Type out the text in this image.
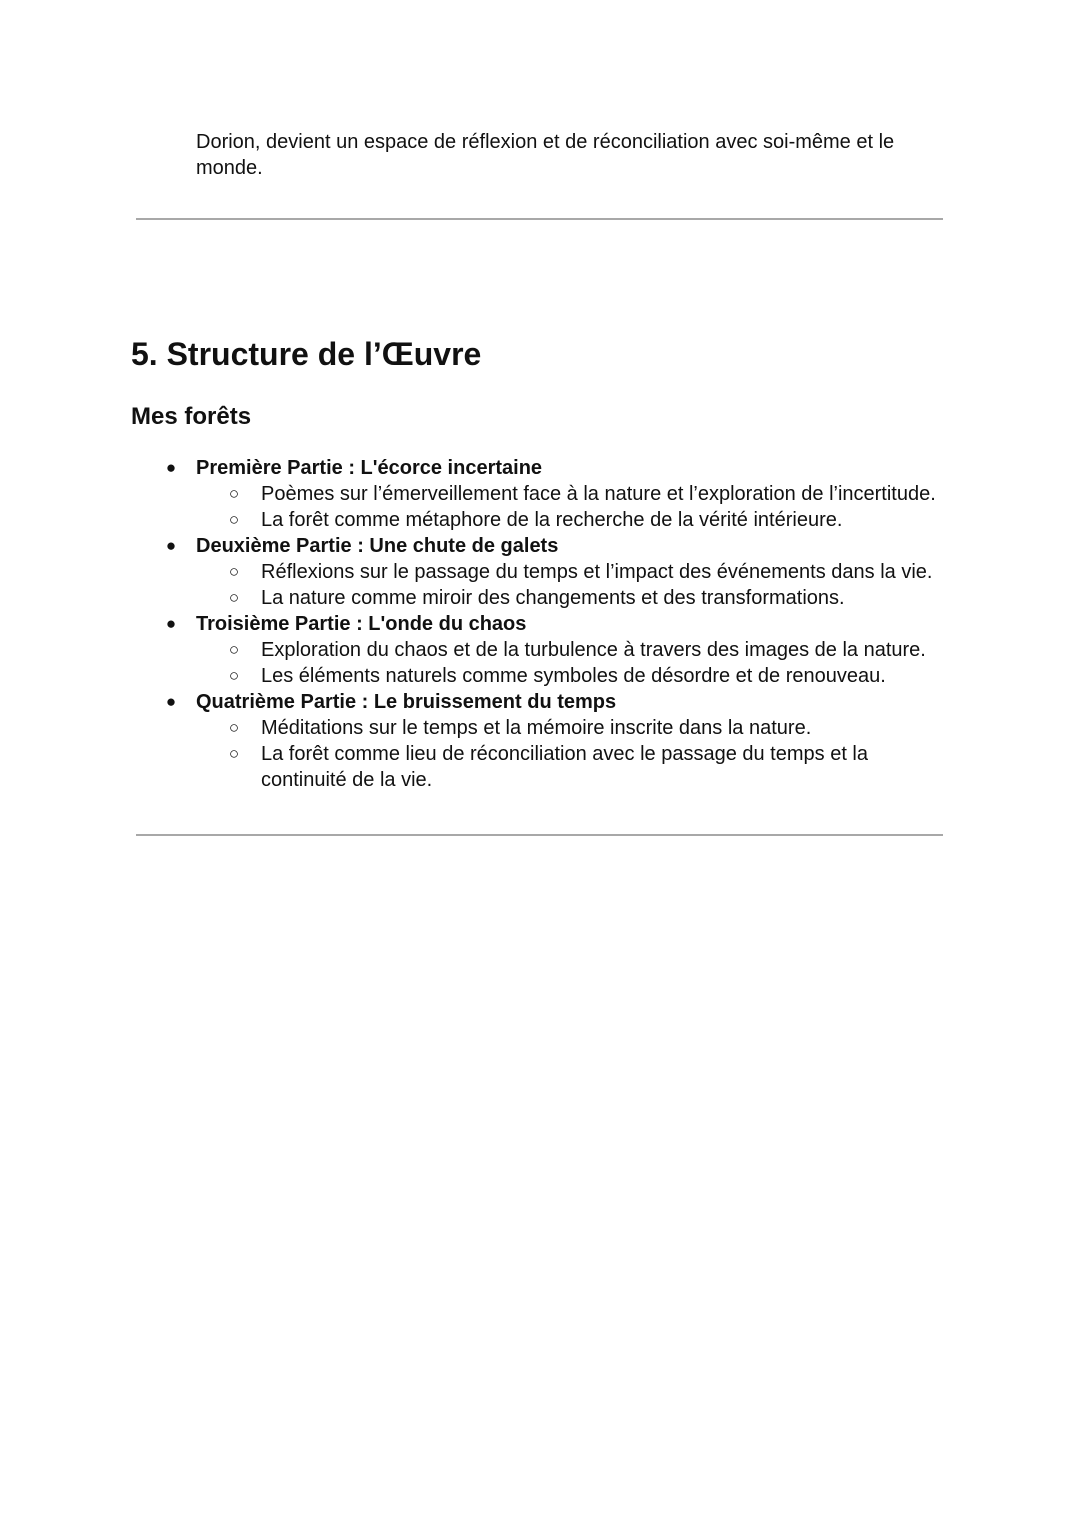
Dorion, devient un espace de réflexion et de réconciliation avec soi-même et le monde.

5. Structure de l’Œuvre
Mes forêts
● Première Partie : L'écorce incertaine
○ Poèmes sur l’émerveillement face à la nature et l’exploration de l’incertitude.
○ La forêt comme métaphore de la recherche de la vérité intérieure.
● Deuxième Partie : Une chute de galets
○ Réflexions sur le passage du temps et l’impact des événements dans la vie.
○ La nature comme miroir des changements et des transformations.
● Troisième Partie : L'onde du chaos
○ Exploration du chaos et de la turbulence à travers des images de la nature.
○ Les éléments naturels comme symboles de désordre et de renouveau.
● Quatrième Partie : Le bruissement du temps
○ Méditations sur le temps et la mémoire inscrite dans la nature.
○ La forêt comme lieu de réconciliation avec le passage du temps et la continuité de la vie.
